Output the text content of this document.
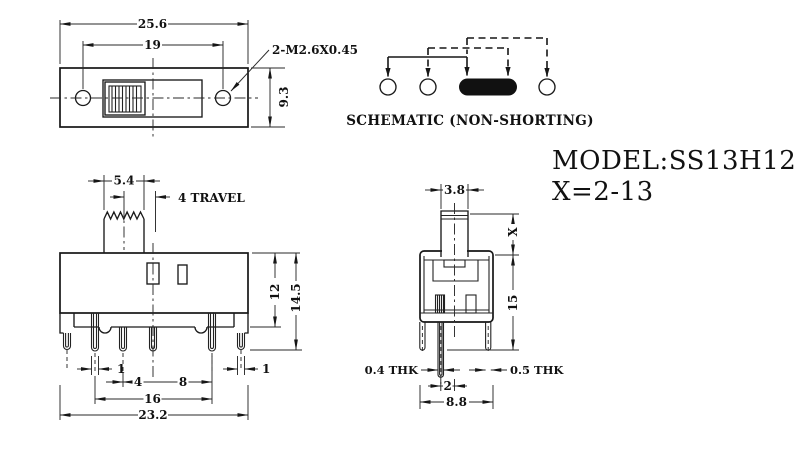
25.6
19
9.3
2-M2.6X0.45
SCHEMATIC (NON-SHORTING)
MODEL:SS13H12
X=2-13
5.4
4 TRAVEL
12 14.5
1
4	8
16
23.2
1
3.8
X
15
0.4 THK	0.5 THK
2
8.8
